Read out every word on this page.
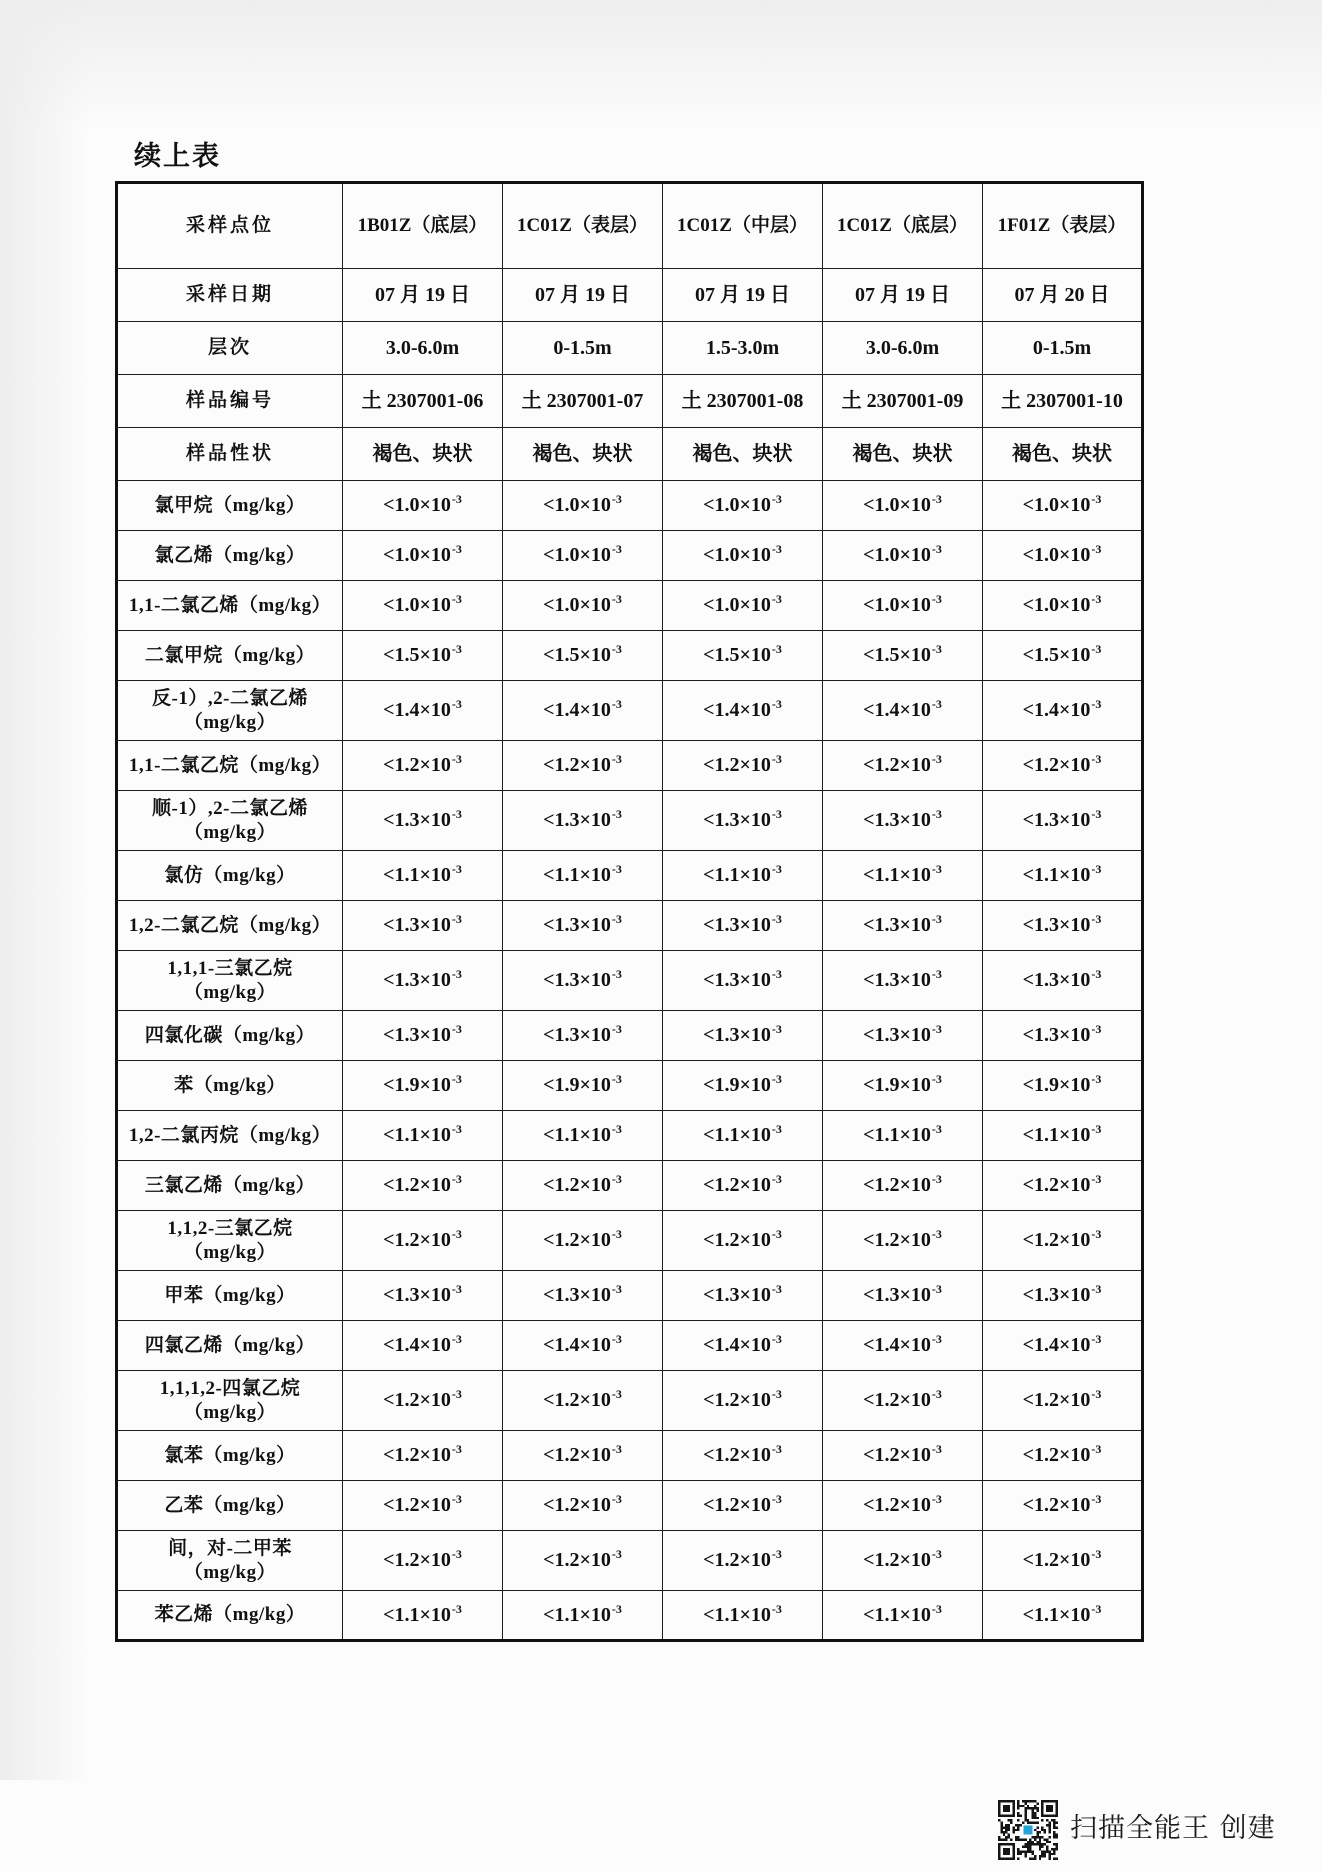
续上表
采样点位	1B01Z（底层）	1C01Z（表层）	1C01Z（中层）	1C01Z（底层）	1F01Z（表层）
采样日期	07 月 19 日	07 月 19 日	07 月 19 日	07 月 19 日	07 月 20 日
层次	3.0-6.0m	0-1.5m	1.5-3.0m	3.0-6.0m	0-1.5m
样品编号	土 2307001-06	土 2307001-07	土 2307001-08	土 2307001-09	土 2307001-10
样品性状	褐色、块状	褐色、块状	褐色、块状	褐色、块状	褐色、块状

氯甲烷（mg/kg）	$<1.0\times 10^{-3}$	$<1.0\times 10^{-3}$	$<1.0\times 10^{-3}$	$<1.0\times 10^{-3}$	$<1.0\times 10^{-3}$

氯乙烯（mg/kg）	$<1.0\times 10^{-3}$	$<1.0\times 10^{-3}$	$<1.0\times 10^{-3}$	$<1.0\times 10^{-3}$	$<1.0\times 10^{-3}$

1,1-二氯乙烯（mg/kg）	$<1.0\times 10^{-3}$	$<1.0\times 10^{-3}$	$<1.0\times 10^{-3}$	$<1.0\times 10^{-3}$	$<1.0\times 10^{-3}$

二氯甲烷（mg/kg）	$<1.5\times 10^{-3}$	$<1.5\times 10^{-3}$	$<1.5\times 10^{-3}$	$<1.5\times 10^{-3}$	$<1.5\times 10^{-3}$

反-1）,2-二氯乙烯
（mg/kg）	$<1.4\times 10^{-3}$	$<1.4\times 10^{-3}$	$<1.4\times 10^{-3}$	$<1.4\times 10^{-3}$	$<1.4\times 10^{-3}$

1,1-二氯乙烷（mg/kg）	$<1.2\times 10^{-3}$	$<1.2\times 10^{-3}$	$<1.2\times 10^{-3}$	$<1.2\times 10^{-3}$	$<1.2\times 10^{-3}$

顺-1）,2-二氯乙烯
（mg/kg）	$<1.3\times 10^{-3}$	$<1.3\times 10^{-3}$	$<1.3\times 10^{-3}$	$<1.3\times 10^{-3}$	$<1.3\times 10^{-3}$

氯仿（mg/kg）	$<1.1\times 10^{-3}$	$<1.1\times 10^{-3}$	$<1.1\times 10^{-3}$	$<1.1\times 10^{-3}$	$<1.1\times 10^{-3}$

1,2-二氯乙烷（mg/kg）	$<1.3\times 10^{-3}$	$<1.3\times 10^{-3}$	$<1.3\times 10^{-3}$	$<1.3\times 10^{-3}$	$<1.3\times 10^{-3}$

1,1,1-三氯乙烷
（mg/kg）	$<1.3\times 10^{-3}$	$<1.3\times 10^{-3}$	$<1.3\times 10^{-3}$	$<1.3\times 10^{-3}$	$<1.3\times 10^{-3}$

四氯化碳（mg/kg）	$<1.3\times 10^{-3}$	$<1.3\times 10^{-3}$	$<1.3\times 10^{-3}$	$<1.3\times 10^{-3}$	$<1.3\times 10^{-3}$

苯（mg/kg）	$<1.9\times 10^{-3}$	$<1.9\times 10^{-3}$	$<1.9\times 10^{-3}$	$<1.9\times 10^{-3}$	$<1.9\times 10^{-3}$

1,2-二氯丙烷（mg/kg）	$<1.1\times 10^{-3}$	$<1.1\times 10^{-3}$	$<1.1\times 10^{-3}$	$<1.1\times 10^{-3}$	$<1.1\times 10^{-3}$

三氯乙烯（mg/kg）	$<1.2\times 10^{-3}$	$<1.2\times 10^{-3}$	$<1.2\times 10^{-3}$	$<1.2\times 10^{-3}$	$<1.2\times 10^{-3}$

1,1,2-三氯乙烷
（mg/kg）	$<1.2\times 10^{-3}$	$<1.2\times 10^{-3}$	$<1.2\times 10^{-3}$	$<1.2\times 10^{-3}$	$<1.2\times 10^{-3}$

甲苯（mg/kg）	$<1.3\times 10^{-3}$	$<1.3\times 10^{-3}$	$<1.3\times 10^{-3}$	$<1.3\times 10^{-3}$	$<1.3\times 10^{-3}$

四氯乙烯（mg/kg）	$<1.4\times 10^{-3}$	$<1.4\times 10^{-3}$	$<1.4\times 10^{-3}$	$<1.4\times 10^{-3}$	$<1.4\times 10^{-3}$

1,1,1,2-四氯乙烷
（mg/kg）	$<1.2\times 10^{-3}$	$<1.2\times 10^{-3}$	$<1.2\times 10^{-3}$	$<1.2\times 10^{-3}$	$<1.2\times 10^{-3}$

氯苯（mg/kg）	$<1.2\times 10^{-3}$	$<1.2\times 10^{-3}$	$<1.2\times 10^{-3}$	$<1.2\times 10^{-3}$	$<1.2\times 10^{-3}$

乙苯（mg/kg）	$<1.2\times 10^{-3}$	$<1.2\times 10^{-3}$	$<1.2\times 10^{-3}$	$<1.2\times 10^{-3}$	$<1.2\times 10^{-3}$

间，对-二甲苯
（mg/kg）	$<1.2\times 10^{-3}$	$<1.2\times 10^{-3}$	$<1.2\times 10^{-3}$	$<1.2\times 10^{-3}$	$<1.2\times 10^{-3}$

苯乙烯（mg/kg）	$<1.1\times 10^{-3}$	$<1.1\times 10^{-3}$	$<1.1\times 10^{-3}$	$<1.1\times 10^{-3}$	$<1.1\times 10^{-3}$
扫描全能王 创建
